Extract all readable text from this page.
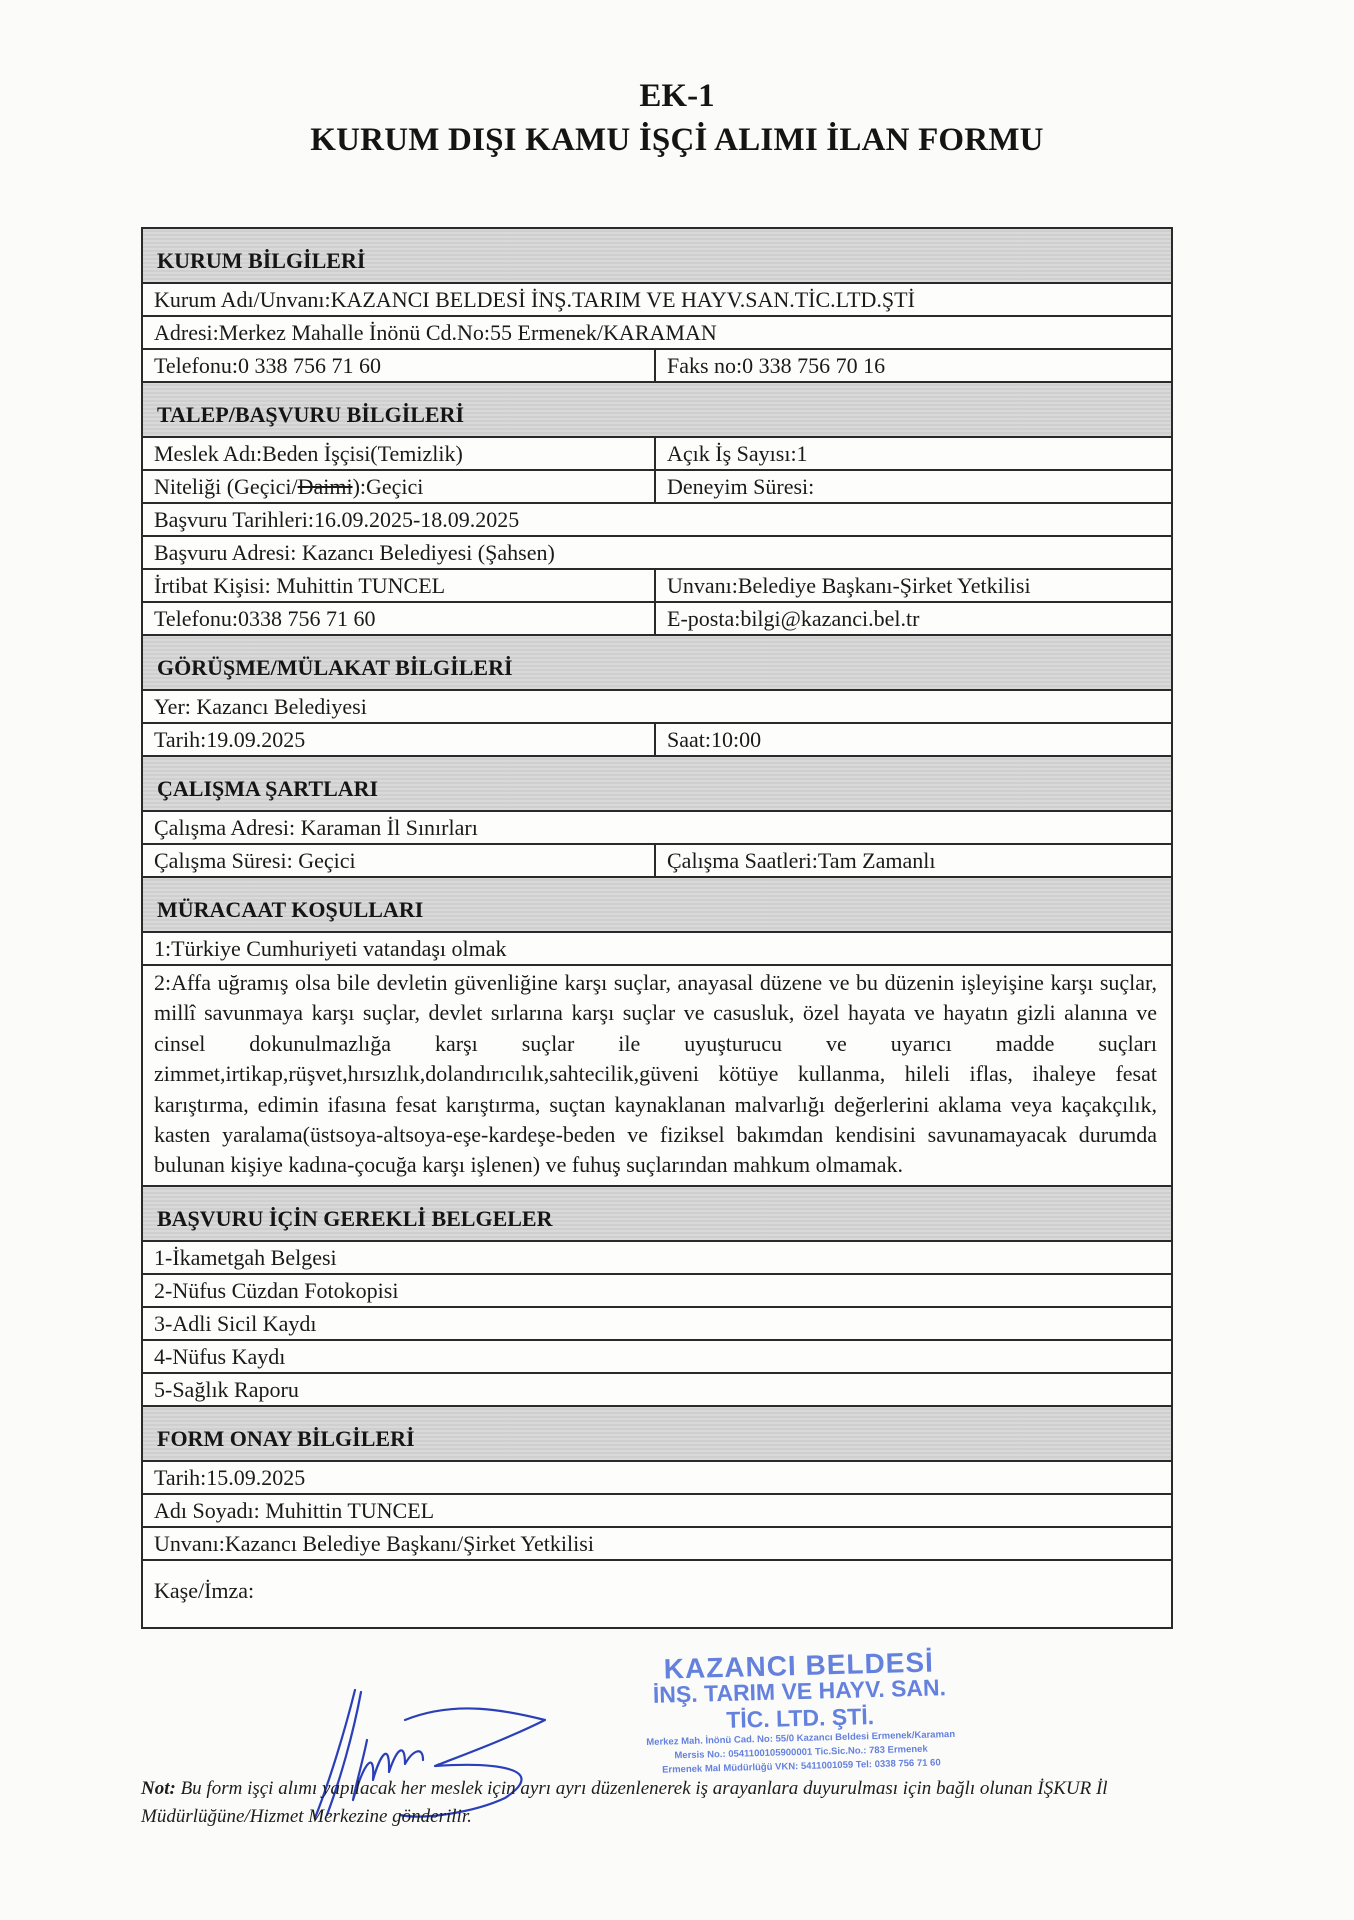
EK-1
KURUM DIŞI KAMU İŞÇİ ALIMI İLAN FORMU
KURUM BİLGİLERİ
Kurum Adı/Unvanı:KAZANCI BELDESİ İNŞ.TARIM VE HAYV.SAN.TİC.LTD.ŞTİ
Adresi:Merkez Mahalle İnönü Cd.No:55 Ermenek/KARAMAN
Telefonu:0 338 756 71 60	Faks no:0 338 756 70 16
TALEP/BAŞVURU BİLGİLERİ
Meslek Adı:Beden İşçisi(Temizlik)	Açık İş Sayısı:1
Niteliği (Geçici/Daimi):Geçici	Deneyim Süresi:
Başvuru Tarihleri:16.09.2025-18.09.2025
Başvuru Adresi: Kazancı Belediyesi (Şahsen)
İrtibat Kişisi: Muhittin TUNCEL	Unvanı:Belediye Başkanı-Şirket Yetkilisi
Telefonu:0338 756 71 60	E-posta:bilgi@kazanci.bel.tr
GÖRÜŞME/MÜLAKAT BİLGİLERİ
Yer: Kazancı Belediyesi
Tarih:19.09.2025	Saat:10:00
ÇALIŞMA ŞARTLARI
Çalışma Adresi: Karaman İl Sınırları
Çalışma Süresi: Geçici	Çalışma Saatleri:Tam Zamanlı
MÜRACAAT KOŞULLARI
1:Türkiye Cumhuriyeti vatandaşı olmak
2:Affa uğramış olsa bile devletin güvenliğine karşı suçlar, anayasal düzene ve bu düzenin işleyişine karşı suçlar, millî savunmaya karşı suçlar, devlet sırlarına karşı suçlar ve casusluk, özel hayata ve hayatın gizli alanına ve cinsel dokunulmazlığa karşı suçlar ile uyuşturucu ve uyarıcı madde suçları zimmet,irtikap,rüşvet,hırsızlık,dolandırıcılık,sahtecilik,güveni kötüye kullanma, hileli iflas, ihaleye fesat karıştırma, edimin ifasına fesat karıştırma, suçtan kaynaklanan malvarlığı değerlerini aklama veya kaçakçılık, kasten yaralama(üstsoya-altsoya-eşe-kardeşe-beden ve fiziksel bakımdan kendisini savunamayacak durumda bulunan kişiye kadına-çocuğa karşı işlenen) ve fuhuş suçlarından mahkum olmamak.
BAŞVURU İÇİN GEREKLİ BELGELER
1-İkametgah Belgesi
2-Nüfus Cüzdan Fotokopisi
3-Adli Sicil Kaydı
4-Nüfus Kaydı
5-Sağlık Raporu
FORM ONAY BİLGİLERİ
Tarih:15.09.2025
Adı Soyadı: Muhittin TUNCEL
Unvanı:Kazancı Belediye Başkanı/Şirket Yetkilisi
Kaşe/İmza:
KAZANCI BELDESİ
İNŞ. TARIM VE HAYV. SAN. TİC. LTD. ŞTİ.
Merkez Mah. İnönü Cad. No: 55/0 Kazancı Beldesi Ermenek/Karaman
Mersis No.: 0541100105900001 Tic.Sic.No.: 783 Ermenek
Ermenek Mal Müdürlüğü VKN: 5411001059 Tel: 0338 756 71 60
Not: Bu form işçi alımı yapılacak her meslek için ayrı ayrı düzenlenerek iş arayanlara duyurulması için bağlı olunan İŞKUR İl Müdürlüğüne/Hizmet Merkezine gönderilir.
